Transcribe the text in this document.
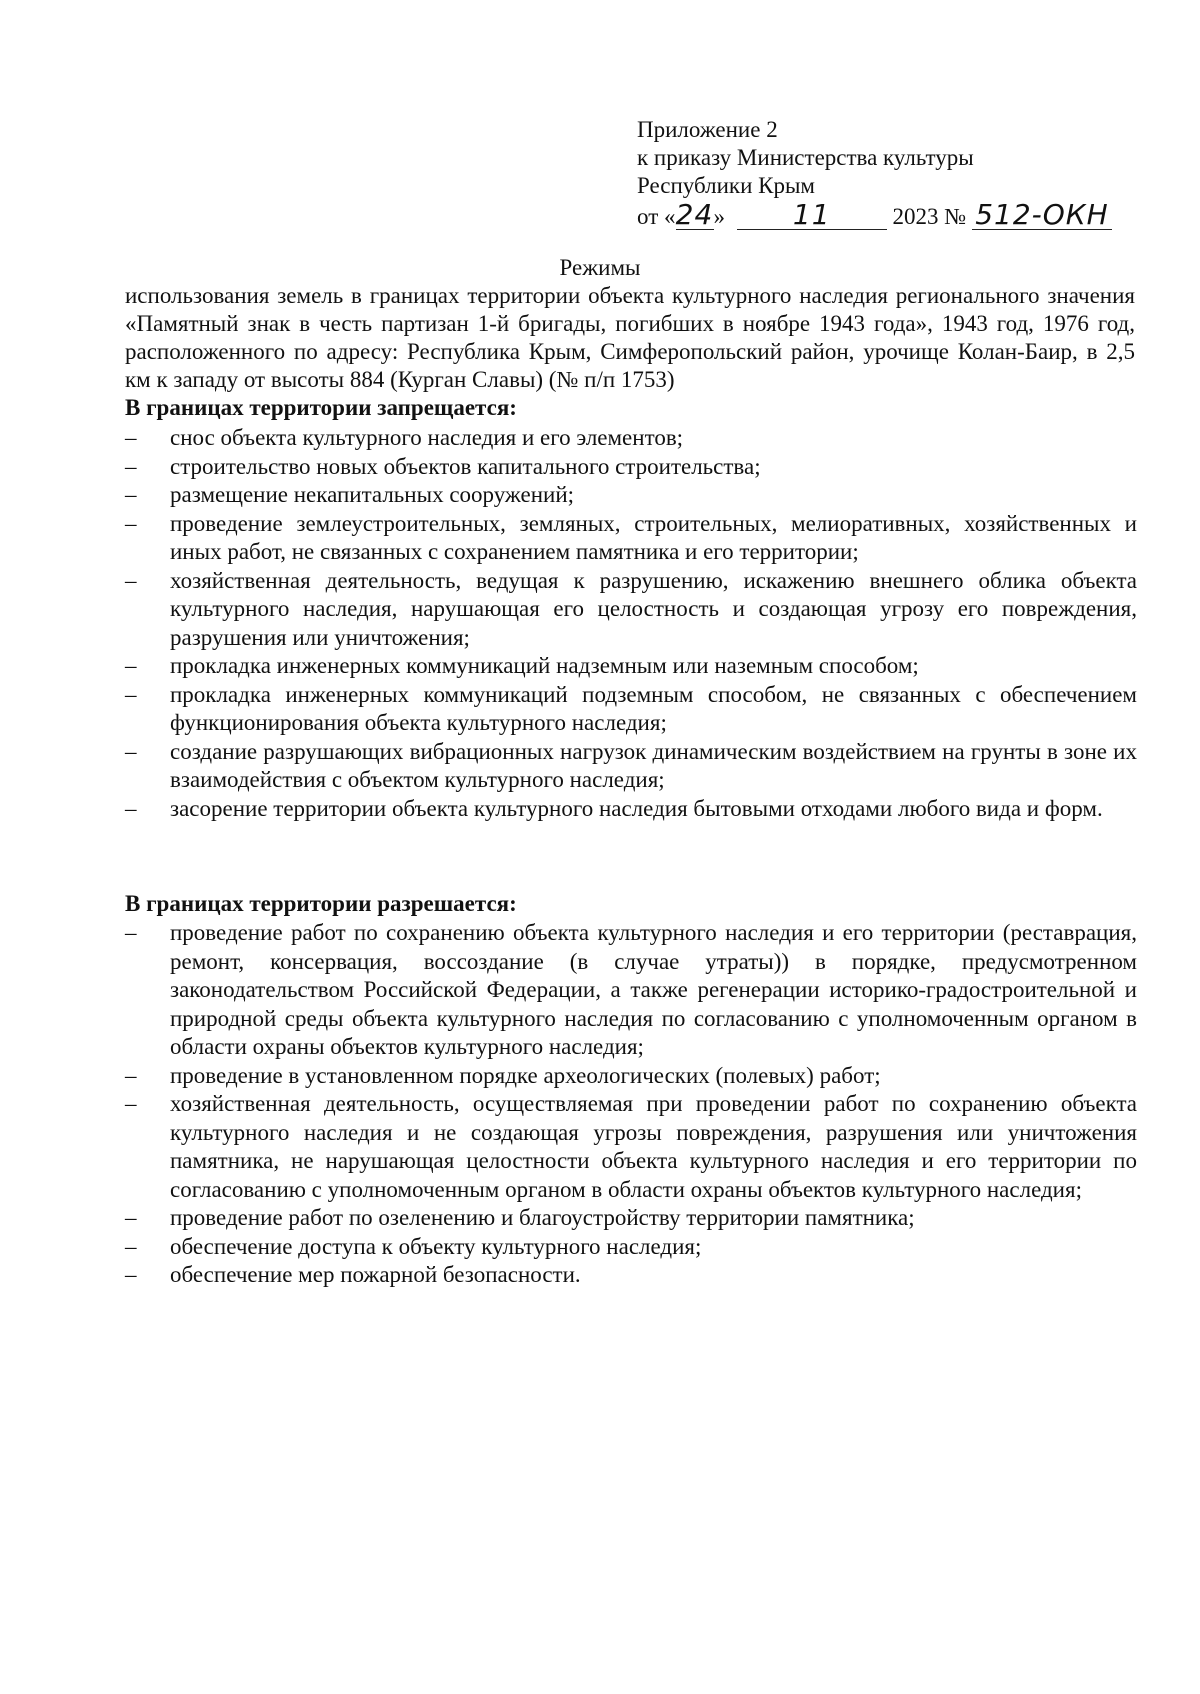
Приложение 2
к приказу Министерства культуры
Республики Крым
от «24» 11	2023 № 512-ОКН
Режимы
использования земель в границах территории объекта культурного наследия регионального значения «Памятный знак в честь партизан 1-й бригады, погибших в ноябре 1943 года», 1943 год, 1976 год, расположенного по адресу: Республика Крым, Симферопольский район, урочище Колан-Баир, в 2,5 км к западу от высоты 884 (Курган Славы) (№ п/п 1753)
В границах территории запрещается:
– снос объекта культурного наследия и его элементов;
– строительство новых объектов капитального строительства;
– размещение некапитальных сооружений;
– проведение землеустроительных, земляных, строительных, мелиоративных, хозяйственных и иных работ, не связанных с сохранением памятника и его территории;
– хозяйственная деятельность, ведущая к разрушению, искажению внешнего облика объекта культурного наследия, нарушающая его целостность и создающая угрозу его повреждения, разрушения или уничтожения;
– прокладка инженерных коммуникаций надземным или наземным способом;
– прокладка инженерных коммуникаций подземным способом, не связанных с обеспечением функционирования объекта культурного наследия;
– создание разрушающих вибрационных нагрузок динамическим воздействием на грунты в зоне их взаимодействия с объектом культурного наследия;
– засорение территории объекта культурного наследия бытовыми отходами любого вида и форм.
В границах территории разрешается:
– проведение работ по сохранению объекта культурного наследия и его территории (реставрация, ремонт, консервация, воссоздание (в случае утраты)) в порядке, предусмотренном законодательством Российской Федерации, а также регенерации историко-градостроительной и природной среды объекта культурного наследия по согласованию с уполномоченным органом в области охраны объектов культурного наследия;
– проведение в установленном порядке археологических (полевых) работ;
– хозяйственная деятельность, осуществляемая при проведении работ по сохранению объекта культурного наследия и не создающая угрозы повреждения, разрушения или уничтожения памятника, не нарушающая целостности объекта культурного наследия и его территории по согласованию с уполномоченным органом в области охраны объектов культурного наследия;
– проведение работ по озеленению и благоустройству территории памятника;
– обеспечение доступа к объекту культурного наследия;
– обеспечение мер пожарной безопасности.
